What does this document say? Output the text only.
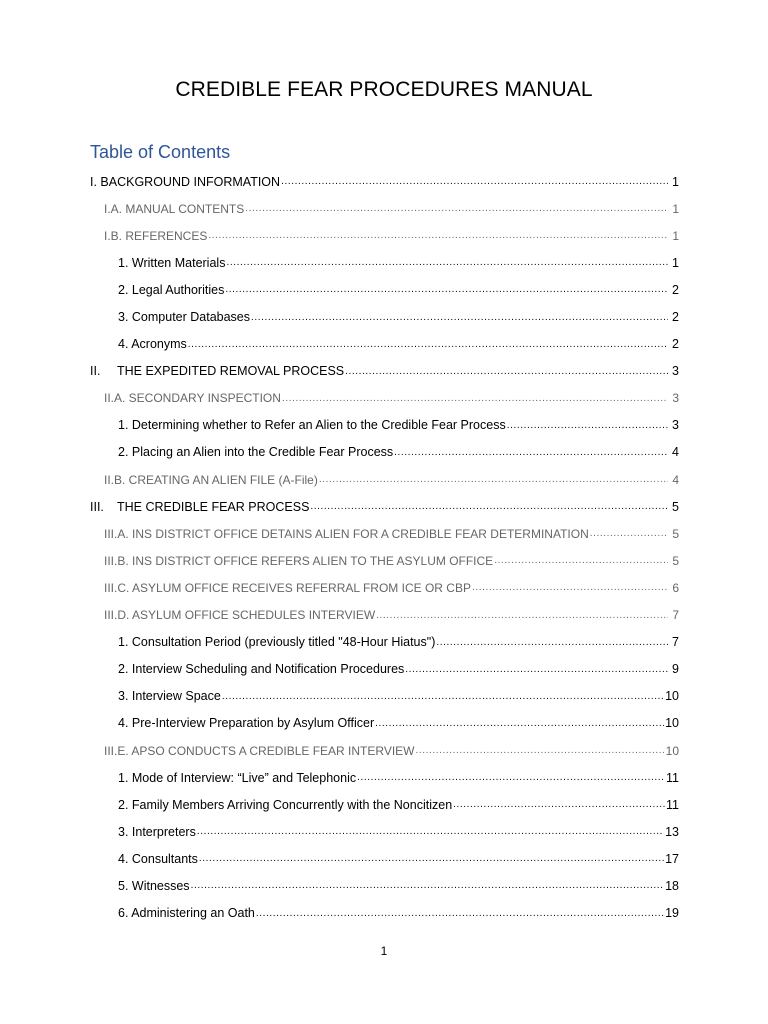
CREDIBLE FEAR PROCEDURES MANUAL
Table of Contents
I. BACKGROUND INFORMATION .....	1
I.A. MANUAL CONTENTS .....	1
I.B. REFERENCES .....	1
1. Written Materials .....	1
2. Legal Authorities .....	2
3. Computer Databases .....	2
4. Acronyms .....	2
II.	THE EXPEDITED REMOVAL PROCESS .....	3
II.A. SECONDARY INSPECTION .....	3
1. Determining whether to Refer an Alien to the Credible Fear Process .....	3
2. Placing an Alien into the Credible Fear Process .....	4
II.B. CREATING AN ALIEN FILE (A-File) .....	4
III.	THE CREDIBLE FEAR PROCESS .....	5
III.A. INS DISTRICT OFFICE DETAINS ALIEN FOR A CREDIBLE FEAR DETERMINATION .....	5
III.B. INS DISTRICT OFFICE REFERS ALIEN TO THE ASYLUM OFFICE .....	5
III.C. ASYLUM OFFICE RECEIVES REFERRAL FROM ICE OR CBP .....	6
III.D. ASYLUM OFFICE SCHEDULES INTERVIEW .....	7
1. Consultation Period (previously titled "48-Hour Hiatus") .....	7
2. Interview Scheduling and Notification Procedures .....	9
3. Interview Space .....	10
4. Pre-Interview Preparation by Asylum Officer .....	10
III.E. APSO CONDUCTS A CREDIBLE FEAR INTERVIEW .....	10
1. Mode of Interview: “Live” and Telephonic .....	11
2. Family Members Arriving Concurrently with the Noncitizen .....	11
3. Interpreters .....	13
4. Consultants .....	17
5. Witnesses .....	18
6. Administering an Oath .....	19
1
